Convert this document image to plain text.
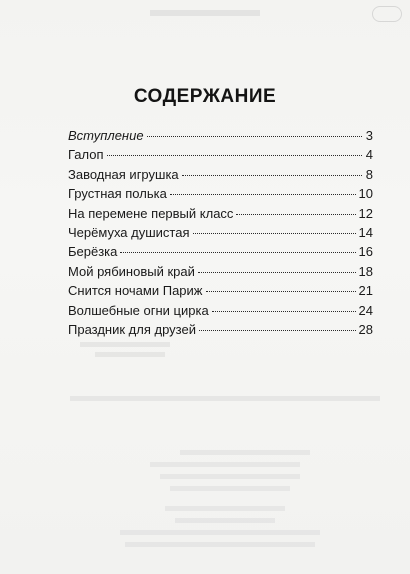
СОДЕРЖАНИЕ
Вступление	3
Галоп	4
Заводная игрушка	8
Грустная полька	10
На перемене первый класс	12
Черёмуха душистая	14
Берёзка	16
Мой рябиновый край	18
Снится ночами Париж	21
Волшебные огни цирка	24
Праздник для друзей	28
